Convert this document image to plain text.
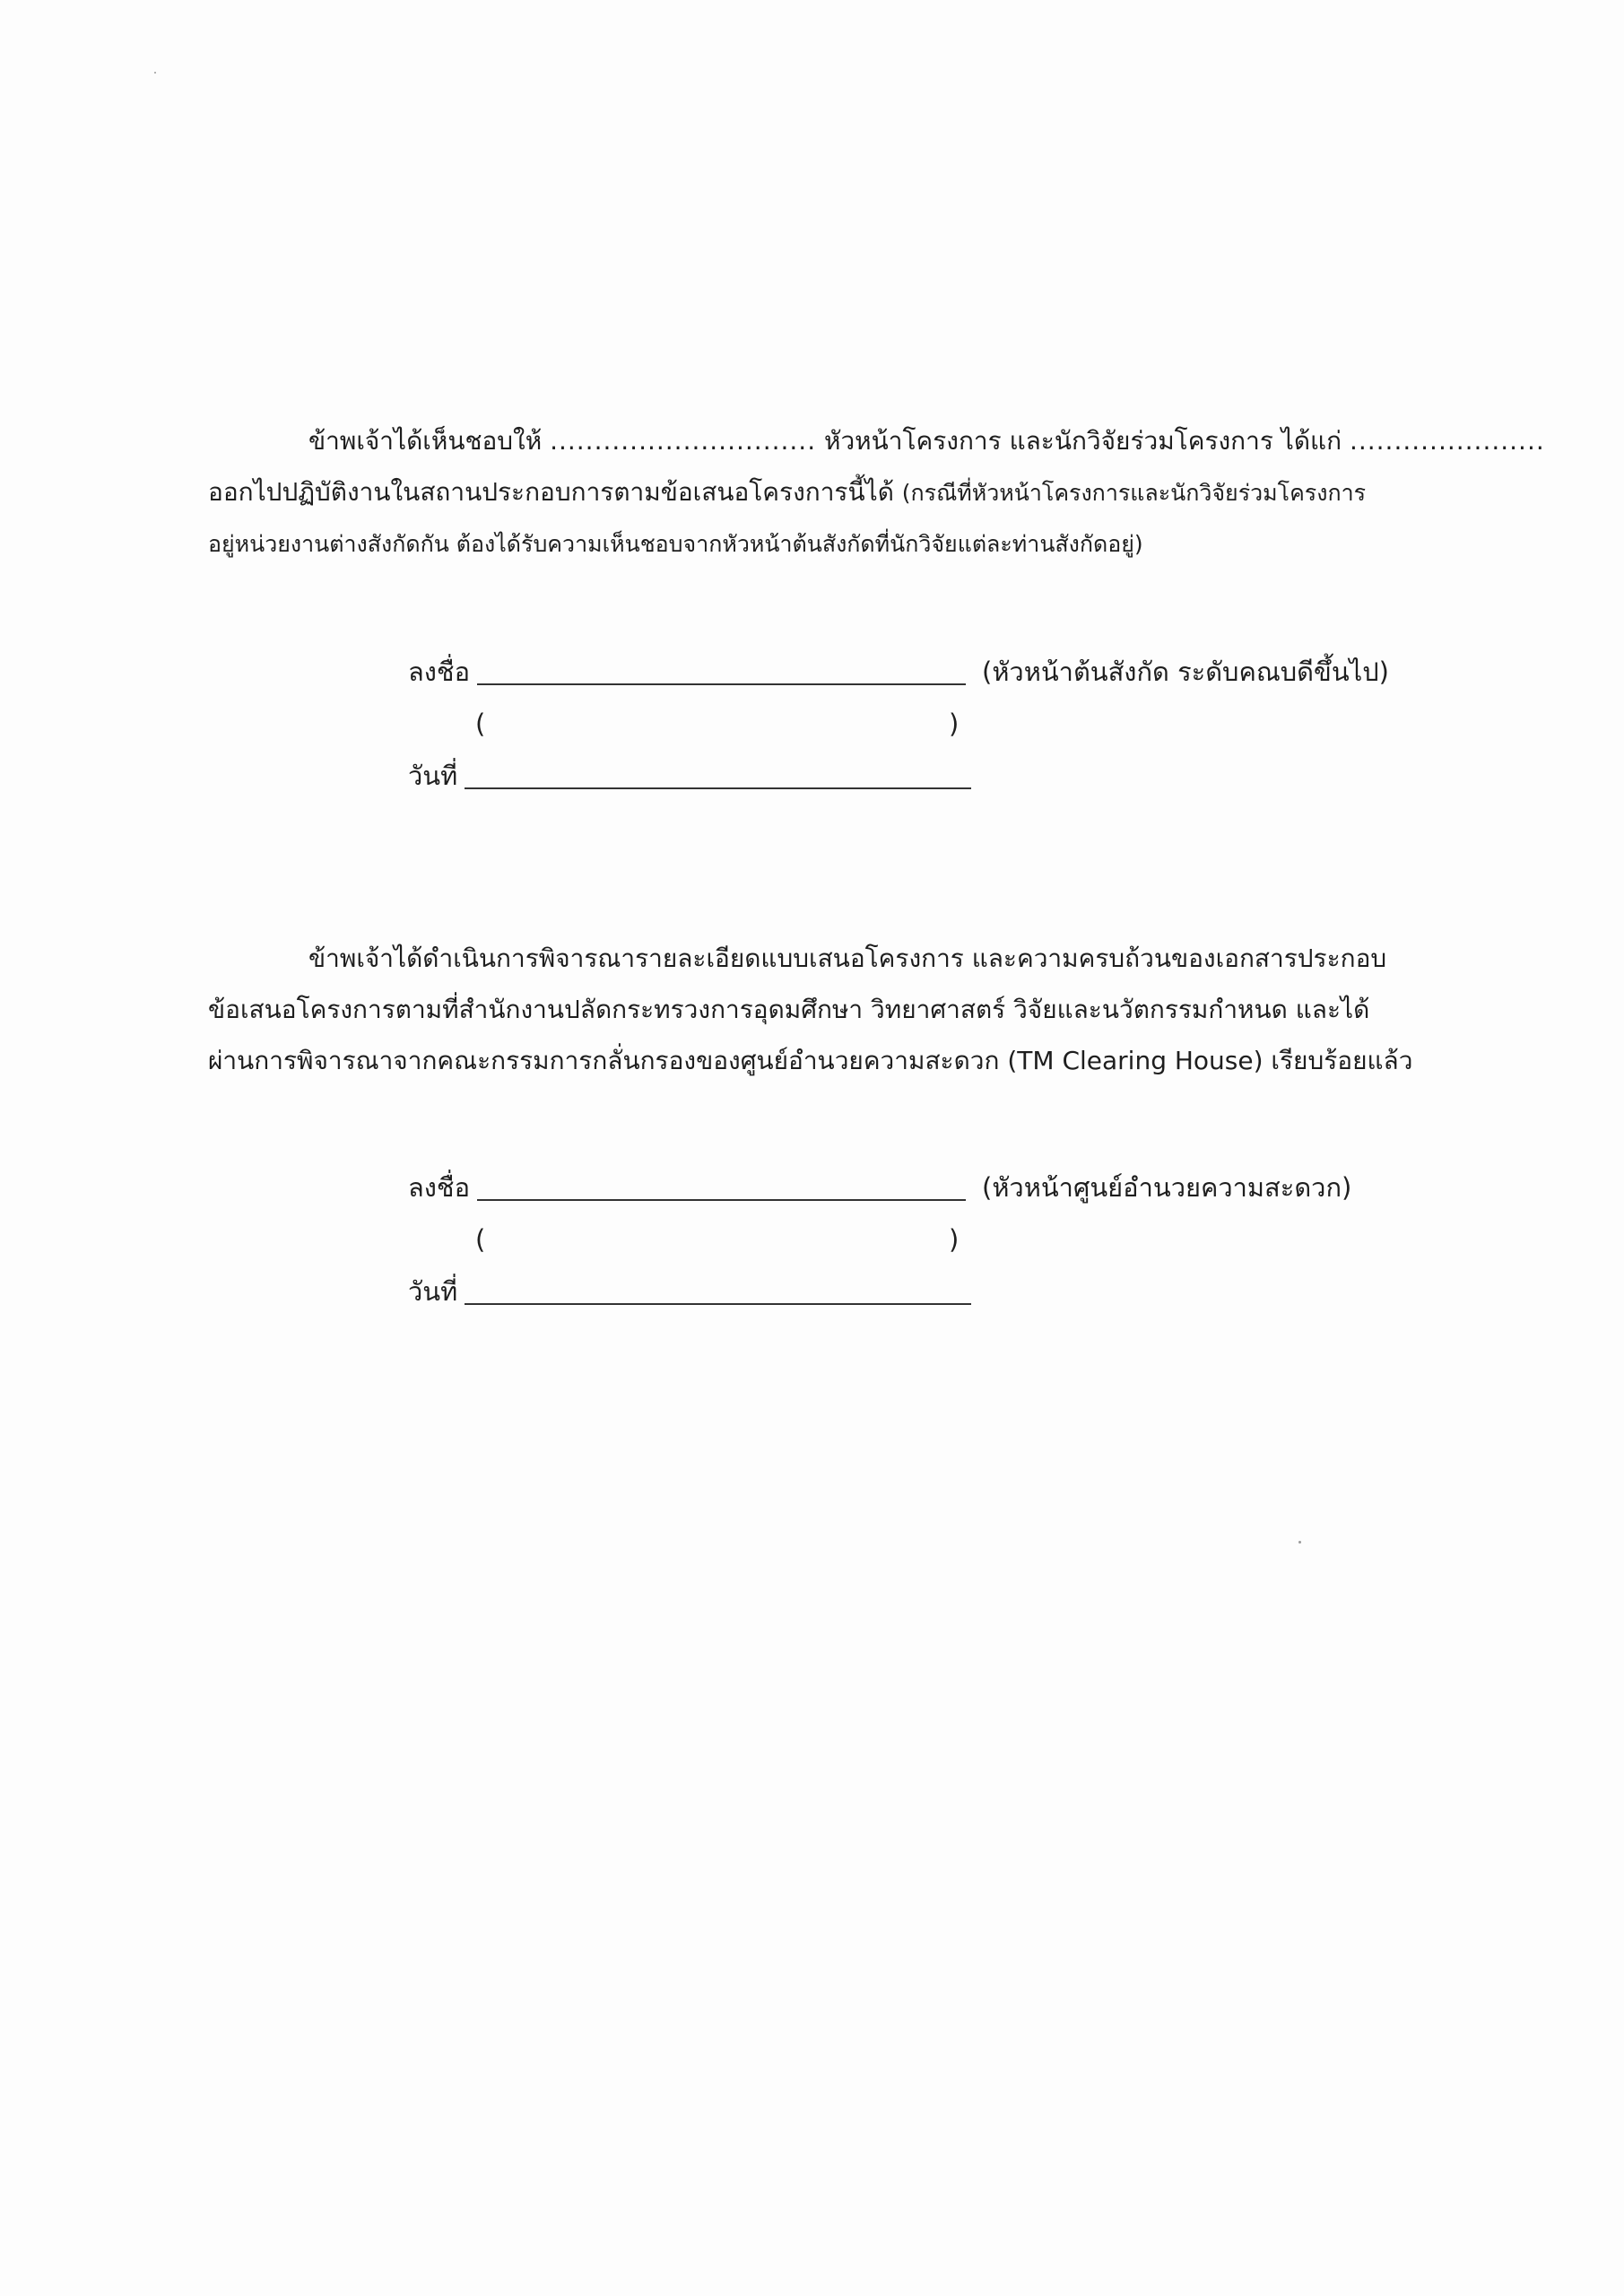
ข้าพเจ้าได้เห็นชอบให้ .............................. หัวหน้าโครงการ และนักวิจัยร่วมโครงการ ได้แก่ ......................
ออกไปปฏิบัติงานในสถานประกอบการตามข้อเสนอโครงการนี้ได้ (กรณีที่หัวหน้าโครงการและนักวิจัยร่วมโครงการ
อยู่หน่วยงานต่างสังกัดกัน ต้องได้รับความเห็นชอบจากหัวหน้าต้นสังกัดที่นักวิจัยแต่ละท่านสังกัดอยู่)
ลงชื่อ	(หัวหน้าต้นสังกัด ระดับคณบดีขึ้นไป)
(	)
วันที่
ข้าพเจ้าได้ดำเนินการพิจารณารายละเอียดแบบเสนอโครงการ และความครบถ้วนของเอกสารประกอบ
ข้อเสนอโครงการตามที่สำนักงานปลัดกระทรวงการอุดมศึกษา วิทยาศาสตร์ วิจัยและนวัตกรรมกำหนด และได้
ผ่านการพิจารณาจากคณะกรรมการกลั่นกรองของศูนย์อำนวยความสะดวก (TM Clearing House) เรียบร้อยแล้ว
ลงชื่อ	(หัวหน้าศูนย์อำนวยความสะดวก)
(	)
วันที่
